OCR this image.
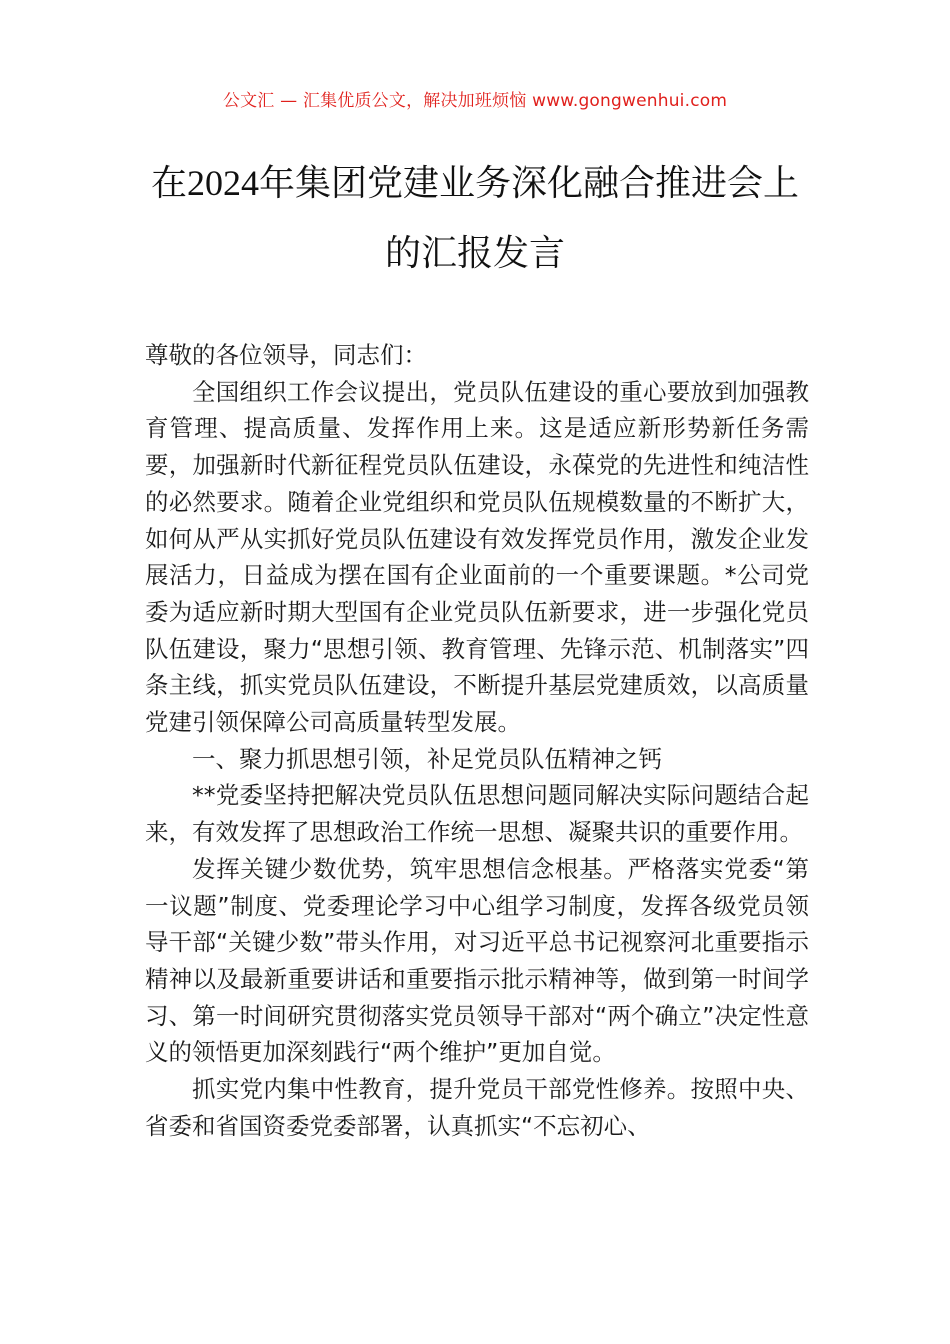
公文汇 — 汇集优质公文，解决加班烦恼 www.gongwenhui.com
在2024年集团党建业务深化融合推进会上
的汇报发言

尊敬的各位领导，同志们：

全国组织工作会议提出，党员队伍建设的重心要放到加强教育管理、提高质量、发挥作用上来。这是适应新形势新任务需要，加强新时代新征程党员队伍建设，永葆党的先进性和纯洁性的必然要求。随着企业党组织和党员队伍规模数量的不断扩大，如何从严从实抓好党员队伍建设有效发挥党员作用，激发企业发展活力，日益成为摆在国有企业面前的一个重要课题。*公司党委为适应新时期大型国有企业党员队伍新要求，进一步强化党员队伍建设，聚力“思想引领、教育管理、先锋示范、机制落实”四条主线，抓实党员队伍建设，不断提升基层党建质效，以高质量党建引领保障公司高质量转型发展。

一、聚力抓思想引领，补足党员队伍精神之钙

**党委坚持把解决党员队伍思想问题同解决实际问题结合起来，有效发挥了思想政治工作统一思想、凝聚共识的重要作用。

发挥关键少数优势，筑牢思想信念根基。严格落实党委“第一议题”制度、党委理论学习中心组学习制度，发挥各级党员领导干部“关键少数”带头作用，对习近平总书记视察河北重要指示精神以及最新重要讲话和重要指示批示精神等，做到第一时间学习、第一时间研究贯彻落实党员领导干部对“两个确立”决定性意义的领悟更加深刻践行“两个维护”更加自觉。

抓实党内集中性教育，提升党员干部党性修养。按照中央、省委和省国资委党委部署，认真抓实“不忘初心、
